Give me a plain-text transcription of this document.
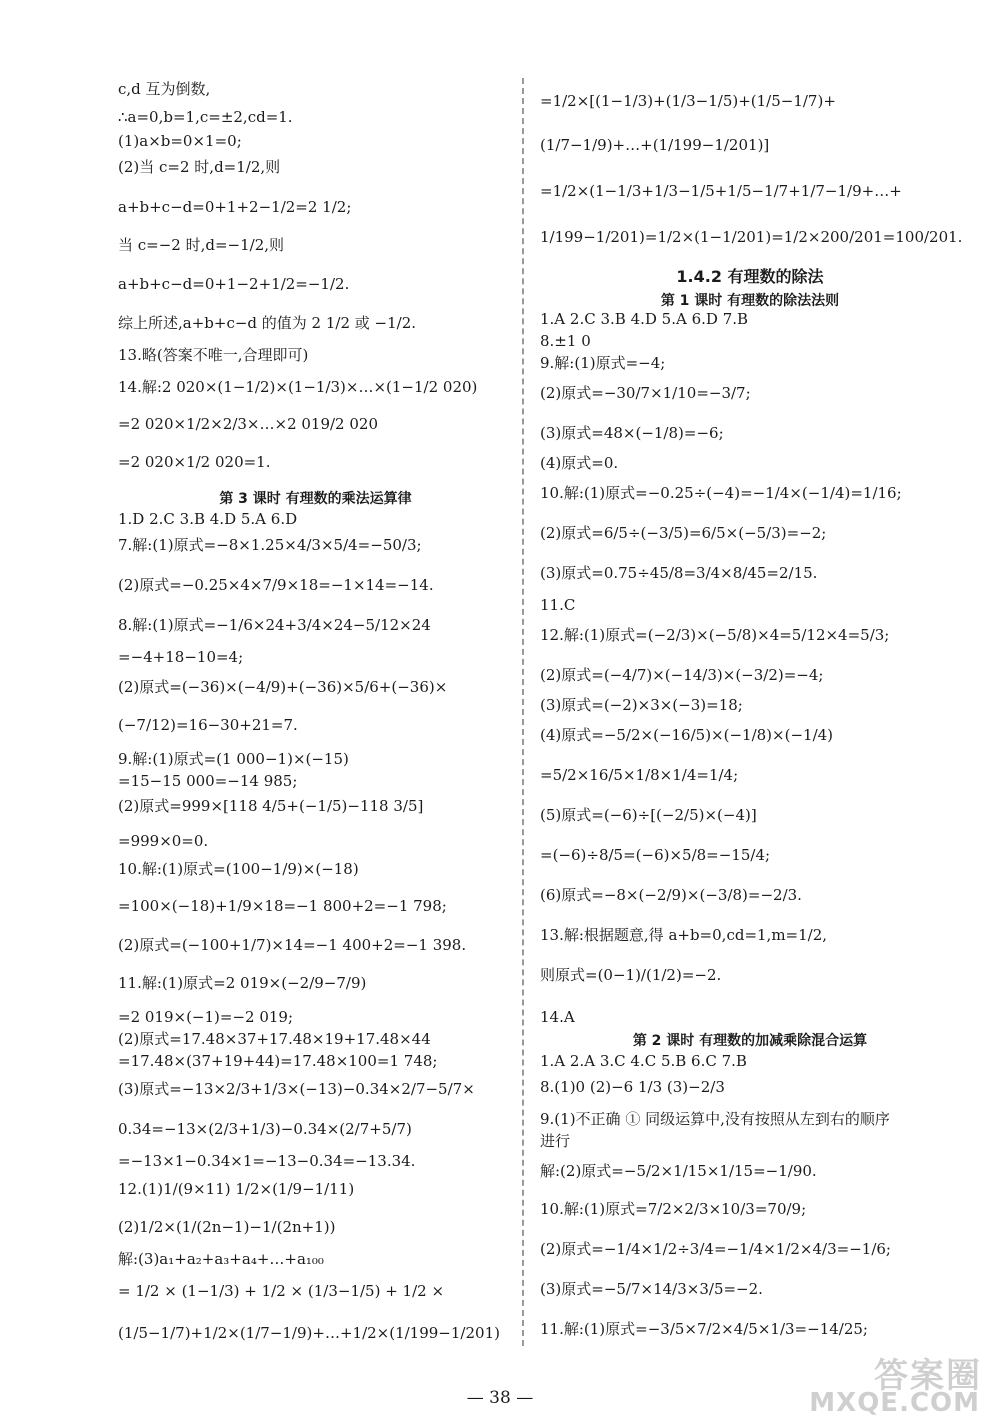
c,d 互为倒数,
∴a=0,b=1,c=±2,cd=1.
(1)a×b=0×1=0;
(2)当 c=2 时,d=1/2,则
a+b+c−d=0+1+2−1/2=2 1/2;
当 c=−2 时,d=−1/2,则
a+b+c−d=0+1−2+1/2=−1/2.
综上所述,a+b+c−d 的值为 2 1/2 或 −1/2.
13.略(答案不唯一,合理即可)
14.解:2 020×(1−1/2)×(1−1/3)×…×(1−1/2 020)
=2 020×1/2×2/3×…×2 019/2 020
=2 020×1/2 020=1.
第 3 课时 有理数的乘法运算律
1.D 2.C 3.B 4.D 5.A 6.D
7.解:(1)原式=−8×1.25×4/3×5/4=−50/3;
(2)原式=−0.25×4×7/9×18=−1×14=−14.
8.解:(1)原式=−1/6×24+3/4×24−5/12×24
=−4+18−10=4;
(2)原式=(−36)×(−4/9)+(−36)×5/6+(−36)×
(−7/12)=16−30+21=7.
9.解:(1)原式=(1 000−1)×(−15)
=15−15 000=−14 985;
(2)原式=999×[118 4/5+(−1/5)−118 3/5]
=999×0=0.
10.解:(1)原式=(100−1/9)×(−18)
=100×(−18)+1/9×18=−1 800+2=−1 798;
(2)原式=(−100+1/7)×14=−1 400+2=−1 398.
11.解:(1)原式=2 019×(−2/9−7/9)
=2 019×(−1)=−2 019;
(2)原式=17.48×37+17.48×19+17.48×44
=17.48×(37+19+44)=17.48×100=1 748;
(3)原式=−13×2/3+1/3×(−13)−0.34×2/7−5/7×
0.34=−13×(2/3+1/3)−0.34×(2/7+5/7)
=−13×1−0.34×1=−13−0.34=−13.34.
12.(1)1/(9×11) 1/2×(1/9−1/11)
(2)1/2×(1/(2n−1)−1/(2n+1))
解:(3)a₁+a₂+a₃+a₄+…+a₁₀₀
= 1/2 × (1−1/3) + 1/2 × (1/3−1/5) + 1/2 ×
(1/5−1/7)+1/2×(1/7−1/9)+…+1/2×(1/199−1/201)
=1/2×[(1−1/3)+(1/3−1/5)+(1/5−1/7)+
(1/7−1/9)+…+(1/199−1/201)]
=1/2×(1−1/3+1/3−1/5+1/5−1/7+1/7−1/9+…+
1/199−1/201)=1/2×(1−1/201)=1/2×200/201=100/201.
1.4.2 有理数的除法
第 1 课时 有理数的除法法则
1.A 2.C 3.B 4.D 5.A 6.D 7.B
8.±1 0
9.解:(1)原式=−4;
(2)原式=−30/7×1/10=−3/7;
(3)原式=48×(−1/8)=−6;
(4)原式=0.
10.解:(1)原式=−0.25÷(−4)=−1/4×(−1/4)=1/16;
(2)原式=6/5÷(−3/5)=6/5×(−5/3)=−2;
(3)原式=0.75÷45/8=3/4×8/45=2/15.
11.C
12.解:(1)原式=(−2/3)×(−5/8)×4=5/12×4=5/3;
(2)原式=(−4/7)×(−14/3)×(−3/2)=−4;
(3)原式=(−2)×3×(−3)=18;
(4)原式=−5/2×(−16/5)×(−1/8)×(−1/4)
=5/2×16/5×1/8×1/4=1/4;
(5)原式=(−6)÷[(−2/5)×(−4)]
=(−6)÷8/5=(−6)×5/8=−15/4;
(6)原式=−8×(−2/9)×(−3/8)=−2/3.
13.解:根据题意,得 a+b=0,cd=1,m=1/2,
则原式=(0−1)/(1/2)=−2.
14.A
第 2 课时 有理数的加减乘除混合运算
1.A 2.A 3.C 4.C 5.B 6.C 7.B
8.(1)0 (2)−6 1/3 (3)−2/3
9.(1)不正确 ① 同级运算中,没有按照从左到右的顺序
进行
解:(2)原式=−5/2×1/15×1/15=−1/90.
10.解:(1)原式=7/2×2/3×10/3=70/9;
(2)原式=−1/4×1/2÷3/4=−1/4×1/2×4/3=−1/6;
(3)原式=−5/7×14/3×3/5=−2.
11.解:(1)原式=−3/5×7/2×4/5×1/3=−14/25;
— 38 —
答案圈
MXQE.COM
